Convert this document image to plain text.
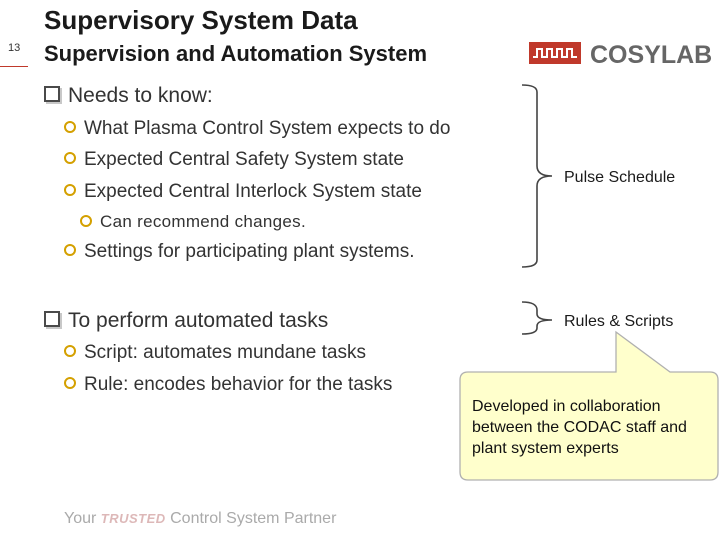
13
Supervisory System Data
Supervision and Automation System	COSYLAB
Needs to know:
What Plasma Control System expects to do
Expected Central Safety System state
Expected Central Interlock System state
Can recommend changes.
Settings for participating plant systems.
To perform automated tasks
Script: automates mundane tasks
Rule: encodes behavior for the tasks
Pulse Schedule
Rules & Scripts
Developed in collaboration between the CODAC staff and plant system experts
Your TRUSTED Control System Partner
